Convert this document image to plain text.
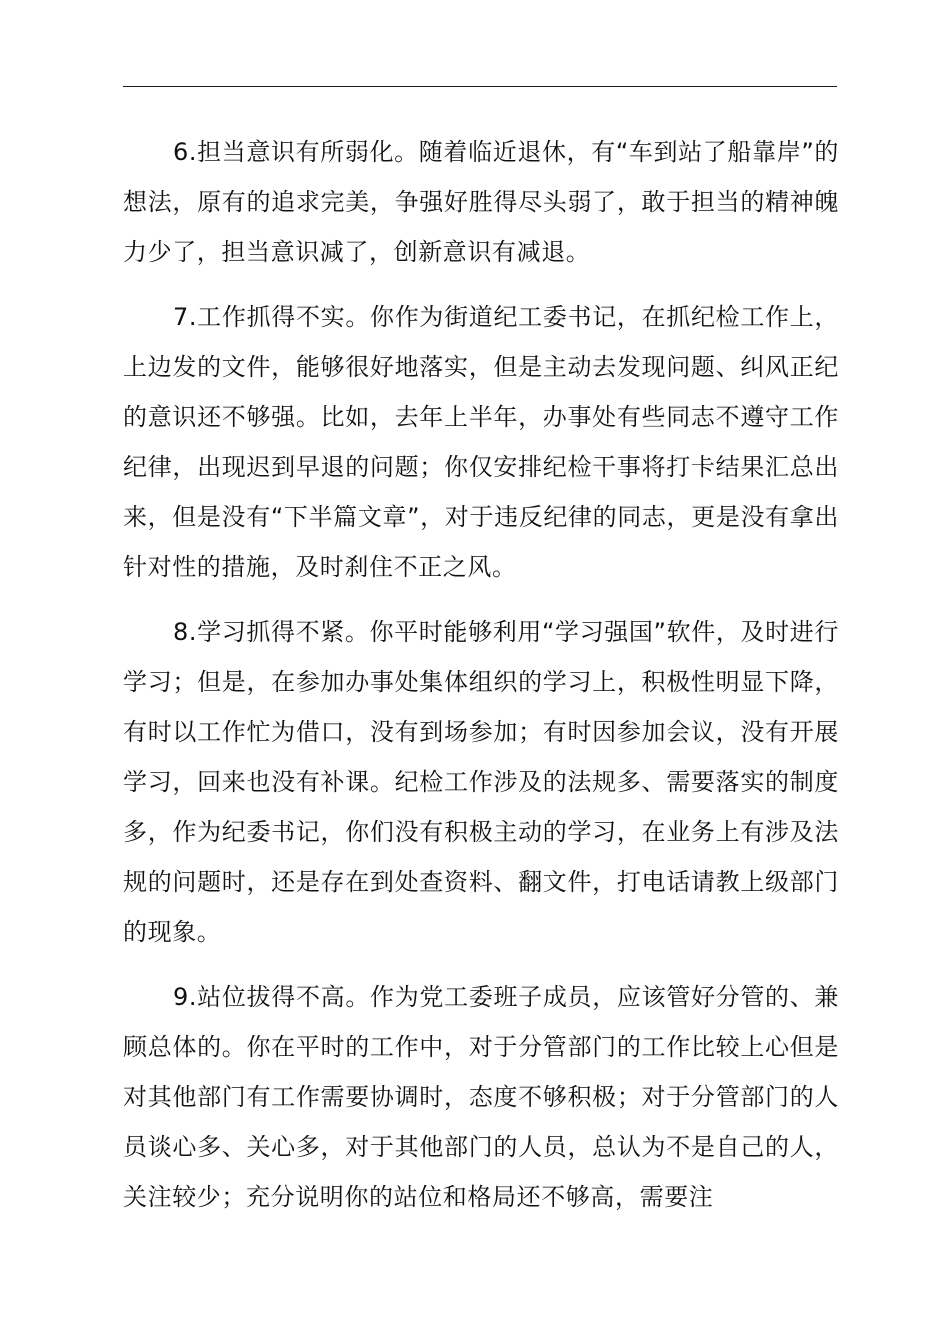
6.担当意识有所弱化。随着临近退休，有“车到站了船靠岸”的想法，原有的追求完美，争强好胜得尽头弱了，敢于担当的精神魄力少了，担当意识减了，创新意识有减退。

7.工作抓得不实。你作为街道纪工委书记，在抓纪检工作上，上边发的文件，能够很好地落实，但是主动去发现问题、纠风正纪的意识还不够强。比如，去年上半年，办事处有些同志不遵守工作纪律，出现迟到早退的问题；你仅安排纪检干事将打卡结果汇总出来，但是没有“下半篇文章”，对于违反纪律的同志，更是没有拿出针对性的措施，及时刹住不正之风。

8.学习抓得不紧。你平时能够利用“学习强国”软件，及时进行学习；但是，在参加办事处集体组织的学习上，积极性明显下降，有时以工作忙为借口，没有到场参加；有时因参加会议，没有开展学习，回来也没有补课。纪检工作涉及的法规多、需要落实的制度多，作为纪委书记，你们没有积极主动的学习，在业务上有涉及法规的问题时，还是存在到处查资料、翻文件，打电话请教上级部门的现象。

9.站位拔得不高。作为党工委班子成员，应该管好分管的、兼顾总体的。你在平时的工作中，对于分管部门的工作比较上心但是对其他部门有工作需要协调时，态度不够积极；对于分管部门的人员谈心多、关心多，对于其他部门的人员，总认为不是自己的人，关注较少；充分说明你的站位和格局还不够高，需要注
